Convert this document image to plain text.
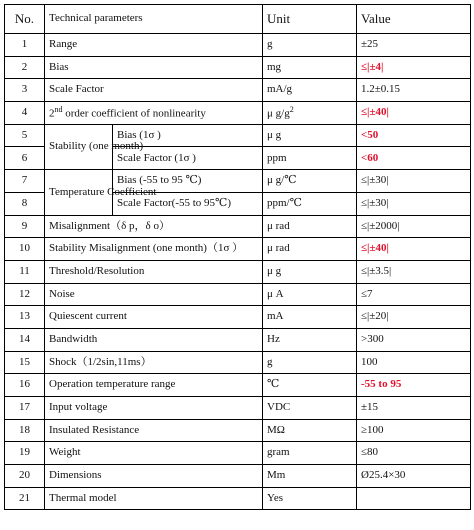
No.	Technical parameters		Unit	Value
1	Range		g	±25
2	Bias		mg	≤|±4|
3	Scale Factor		mA/g	1.2±0.15
4	2nd order coefficient of nonlinearity		μ $g/g^2$	≤|±40|
5	Stability (one month)	Bias (1σ )	μ g	<50
6		Scale Factor (1σ )	ppm	<60
7	Temperature Coefficient	Bias (-55 to 95 ℃)	μ g/℃	≤|±30|
8		Scale Factor(-55 to 95℃)	ppm/℃	≤|±30|
9	Misalignment（δ p，δ o）		μ rad	≤|±2000|
10	Stability Misalignment (one month)（1σ ）		μ rad	≤|±40|
11	Threshold/Resolution		μ g	≤|±3.5|
12	Noise		μ A	≤7
13	Quiescent current		mA	≤|±20|
14	Bandwidth		Hz	>300
15	Shock（1/2sin,11ms）		g	100
16	Operation temperature range		℃	-55 to 95
17	Input voltage		VDC	±15
18	Insulated Resistance		MΩ	≥100
19	Weight		gram	≤80
20	Dimensions		Mm	Ø25.4×30
21	Thermal model		Yes	
